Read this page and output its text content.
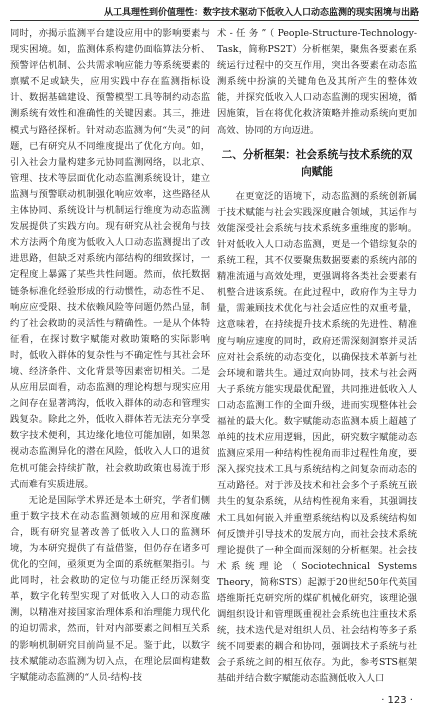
从工具理性到价值理性：数字技术驱动下低收入人口动态监测的现实困境与出路

同时，亦揭示监测平台建设应用中的影响要素与现实困境。如，监测体系构建仍面临算法分析、预警评估机制、公共需求响应能力等系统要素的禀赋不足或缺失，应用实践中存在监测指标设计、数据基础建设、预警模型工具等制约动态监测系统有效性和准确性的关键因素。其三，推进模式与路径探析。针对动态监测为何“失灵”的问题，已有研究从不同维度提出了优化方向。如，引入社会力量构建多元协同监测网络，以北京、管理、技术等层面优化动态监测系统设计，建立监测与预警联动机制强化响应效率，这些路径从主体协同、系统设计与机制运行维度为动态监测发展提供了实践方向。现有研究从社会视角与技术方法两个角度为低收入人口动态监测提出了改进思路，但缺乏对系统内部结构的细致探讨，一定程度上暴露了某些共性问题。然而，依托数据链条标准化经验形成的行动惯性，动态性不足、响应应受限、技术依赖风险等问题仍然凸显，制约了社会救助的灵活性与精确性。一是从个体特征看，在探讨数字赋能对救助策略的实际影响时，低收入群体的复杂性与不确定性与其社会环境、经济条件、文化背景等因素密切相关。二是从应用层面看，动态监测的理论构想与现实应用之间存在显著鸿沟，低收入群体的动态和管理实践复杂。除此之外，低收入群体若无法充分享受数字技术便利，其边缘化地位可能加剧，如果忽视动态监测异化的潜在风险，低收入人口的退贫危机可能会持续扩散，社会救助政策也易流于形式而难有实质进展。

无论是国际学术界还是本土研究，学者们侧重于数字技术在动态监测领域的应用和深度融合，既有研究显著改善了低收入人口的监测环境，为本研究提供了有益借鉴，但仍存在诸多可优化的空间，亟须更为全面的系统框架指引。与此同时，社会救助的定位与功能正经历深刻变革，数字化转型实现了对低收入人口的动态监测，以精准对接国家治理体系和治理能力现代化的迫切需求，然而，针对内部要素之间相互关系的影响机制研究目前尚显不足。鉴于此，以数字技术赋能动态监测为切入点，在理论层面构建数字赋能动态监测的“人员-结构-技

术-任务”（People-Structure-Technology-Task，简称PS2T）分析框架，聚焦各要素在系统运行过程中的交互作用，突出各要素在动态监测系统中扮演的关键角色及其所产生的整体效能，并探究低收入人口动态监测的现实困境，循因施策，旨在将优化救济策略并推动系统向更加高效、协同的方向迈进。

二、分析框架：社会系统与技术系统的双向赋能

在更宽泛的语境下，动态监测的系统创新属于技术赋能与社会实践深度融合领域，其运作与效能深受社会系统与技术系统多重维度的影响。针对低收入人口动态监测，更是一个错综复杂的系统工程，其不仅要聚焦数据要素的系统内部的精准流通与高效处理，更强调将各类社会要素有机整合进该系统。在此过程中，政府作为主导力量，需兼顾技术优化与社会适应性的双重考量，这意味着，在持续提升技术系统的先进性、精准度与响应速度的同时，政府还需深刻洞察并灵活应对社会系统的动态变化，以确保技术革新与社会环境和谐共生。通过双向协同，技术与社会两大子系统方能实现最优配置，共同推进低收入人口动态监测工作的全面升级，进而实现整体社会福祉的最大化。数字赋能动态监测本质上超越了单纯的技术应用逻辑，因此，研究数字赋能动态监测应采用一种结构性视角而非过程性角度，要深入探究技术工具与系统结构之间复杂而动态的互动路径。对于涉及技术和社会多个子系统互嵌共生的复杂系统，从结构性视角来看，其强调技术工具如何嵌入并重塑系统结构以及系统结构如何反馈并引导技术的发展方向，而社会技术系统理论提供了一种全面而深刻的分析框架。社会技术系统理论（Sociotechnical Systems Theory，简称STS）起源于20世纪50年代英国塔维斯托克研究所的煤矿机械化研究，该理论强调组织设计和管理既重视社会系统也注重技术系统，技术迭代是对组织人员、社会结构等多子系统不同要素的耦合和协同，强调技术子系统与社会子系统之间的相互依存。为此，参考STS框架基础并结合数字赋能动态监测低收入人口

· 123 ·
